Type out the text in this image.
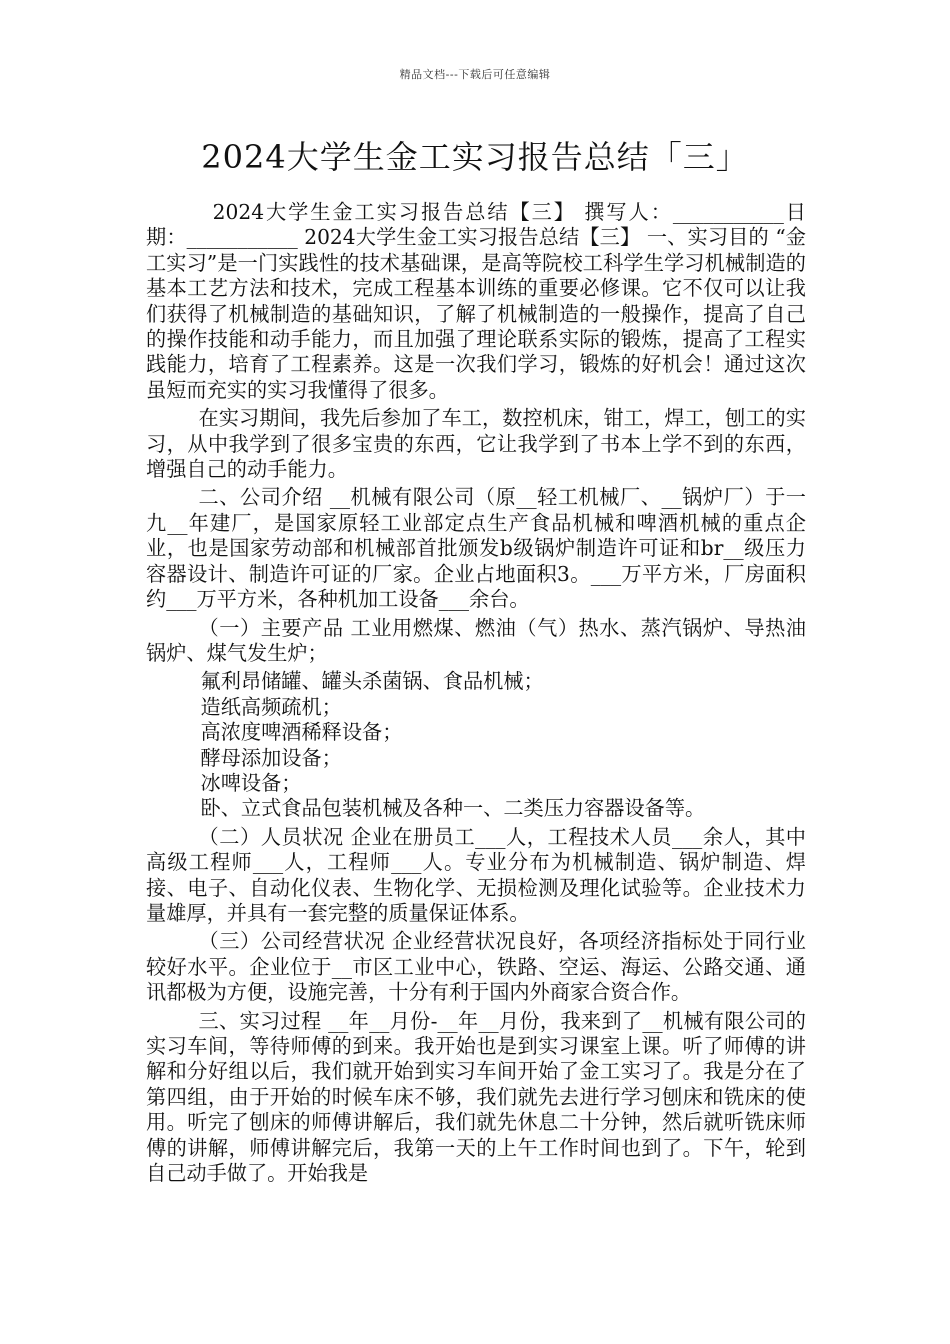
精品文档---下载后可任意编辑
2024大学生金工实习报告总结「三」

2024大学生金工实习报告总结【三】 撰写人：___________日 期：___________ 2024大学生金工实习报告总结【三】 一、实习目的 “金工实习”是一门实践性的技术基础课，是高等院校工科学生学习机械制造的基本工艺方法和技术，完成工程基本训练的重要必修课。它不仅可以让我们获得了机械制造的基础知识，了解了机械制造的一般操作，提高了自己的操作技能和动手能力，而且加强了理论联系实际的锻炼，提高了工程实践能力，培育了工程素养。这是一次我们学习，锻炼的好机会！通过这次虽短而充实的实习我懂得了很多。

在实习期间，我先后参加了车工，数控机床，钳工，焊工，刨工的实习，从中我学到了很多宝贵的东西，它让我学到了书本上学不到的东西，增强自己的动手能力。

二、公司介绍 __机械有限公司（原__轻工机械厂、__锅炉厂）于一九__年建厂，是国家原轻工业部定点生产食品机械和啤酒机械的重点企业，也是国家劳动部和机械部首批颁发b级锅炉制造许可证和br__级压力容器设计、制造许可证的厂家。企业占地面积3。___万平方米，厂房面积约___万平方米，各种机加工设备___余台。

（一）主要产品 工业用燃煤、燃油（气）热水、蒸汽锅炉、导热油锅炉、煤气发生炉；

氟利昂储罐、罐头杀菌锅、食品机械；

造纸高频疏机；

高浓度啤酒稀释设备；

酵母添加设备；

冰啤设备；

卧、立式食品包装机械及各种一、二类压力容器设备等。

（二）人员状况 企业在册员工___人，工程技术人员___余人，其中高级工程师___人，工程师___人。专业分布为机械制造、锅炉制造、焊接、电子、自动化仪表、生物化学、无损检测及理化试验等。企业技术力量雄厚，并具有一套完整的质量保证体系。

（三）公司经营状况 企业经营状况良好，各项经济指标处于同行业较好水平。企业位于__市区工业中心，铁路、空运、海运、公路交通、通讯都极为方便，设施完善，十分有利于国内外商家合资合作。

三、实习过程 __年__月份-__年__月份，我来到了__机械有限公司的实习车间，等待师傅的到来。我开始也是到实习课室上课。听了师傅的讲解和分好组以后，我们就开始到实习车间开始了金工实习了。我是分在了第四组，由于开始的时候车床不够，我们就先去进行学习刨床和铣床的使用。听完了刨床的师傅讲解后，我们就先休息二十分钟，然后就听铣床师傅的讲解，师傅讲解完后，我第一天的上午工作时间也到了。下午，轮到自己动手做了。开始我是
